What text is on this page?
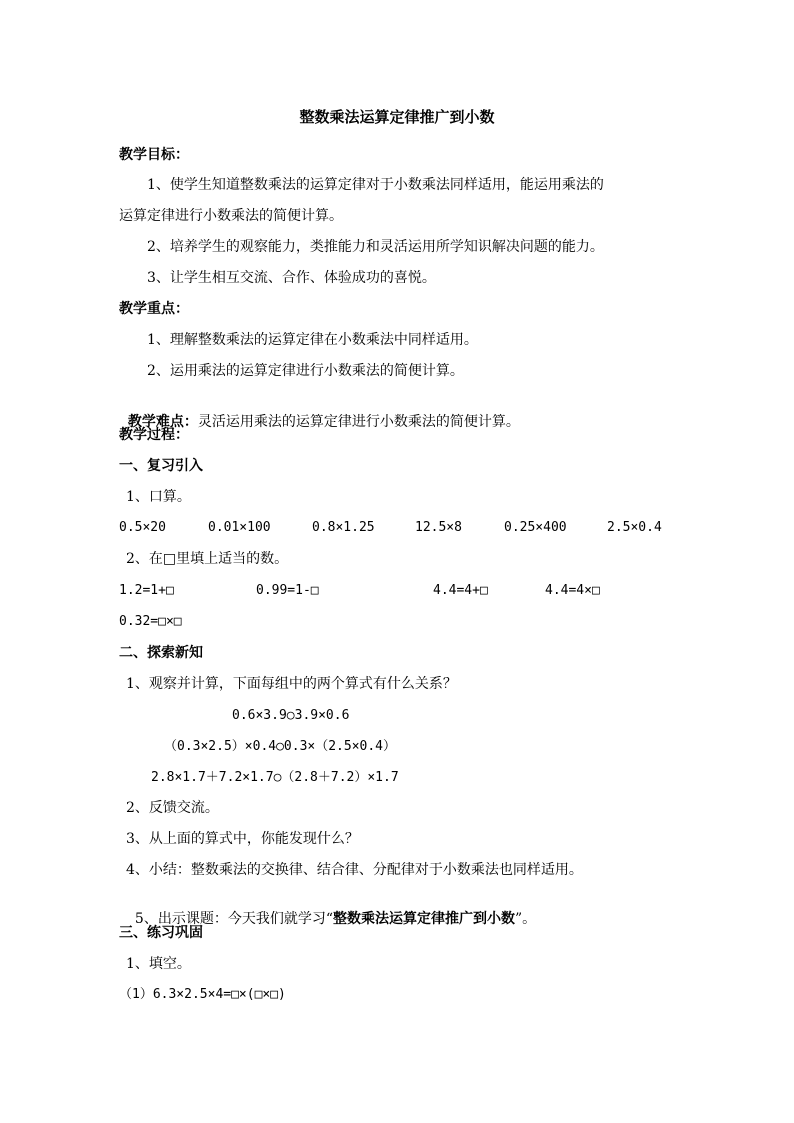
整数乘法运算定律推广到小数
教学目标：
1、使学生知道整数乘法的运算定律对于小数乘法同样适用，能运用乘法的
运算定律进行小数乘法的简便计算。
2、培养学生的观察能力，类推能力和灵活运用所学知识解决问题的能力。
3、让学生相互交流、合作、体验成功的喜悦。
教学重点：
1、理解整数乘法的运算定律在小数乘法中同样适用。
2、运用乘法的运算定律进行小数乘法的简便计算。

教学难点：灵活运用乘法的运算定律进行小数乘法的简便计算。

教学过程：
一、复习引入
1、口算。
0.5×20	0.01×100	0.8×1.25	12.5×8	0.25×400	2.5×0.4
2、在□里填上适当的数。
1.2=1+□	0.99=1-□	4.4=4+□	4.4=4×□
0.32=□×□
二、探索新知
1、观察并计算，下面每组中的两个算式有什么关系？
0.6×3.9○3.9×0.6
（0.3×2.5）×0.4○0.3×（2.5×0.4）
2.8×1.7＋7.2×1.7○（2.8＋7.2）×1.7
2、反馈交流。
3、从上面的算式中，你能发现什么？
4、小结：整数乘法的交换律、结合律、分配律对于小数乘法也同样适用。

5、出示课题：今天我们就学习“整数乘法运算定律推广到小数”。

三、练习巩固
1、填空。
（1）6.3×2.5×4=□×(□×□)
